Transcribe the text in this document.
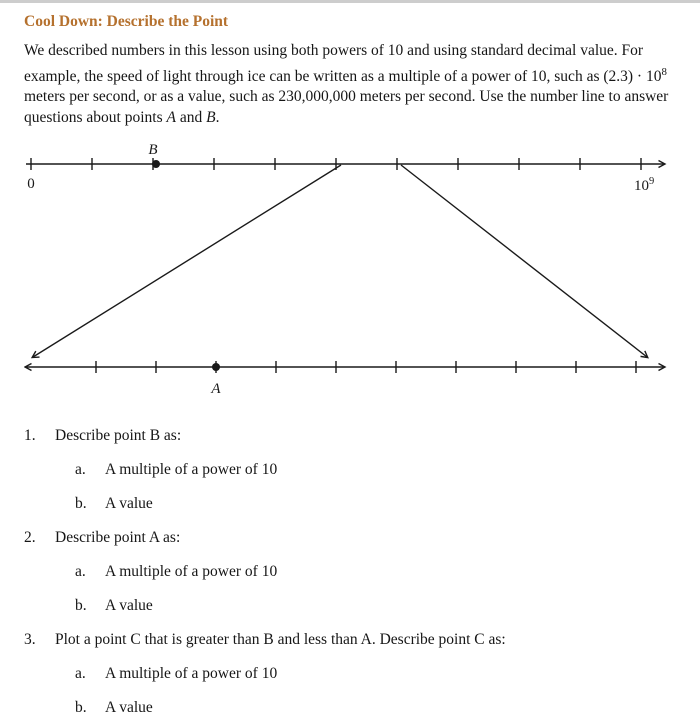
Cool Down: Describe the Point

We described numbers in this lesson using both powers of 10 and using standard decimal value. For example, the speed of light through ice can be written as a multiple of a power of 10, such as $(2.3) \cdot 10^8$ meters per second, or as a value, such as 230,000,000 meters per second. Use the number line to answer questions about points A and B.

B
0	$10^9$
A
1.	Describe point B as:
a.	A multiple of a power of 10
b.	A value
2.	Describe point A as:
a.	A multiple of a power of 10
b.	A value
3.	Plot a point C that is greater than B and less than A. Describe point C as:
a.	A multiple of a power of 10
b.	A value
